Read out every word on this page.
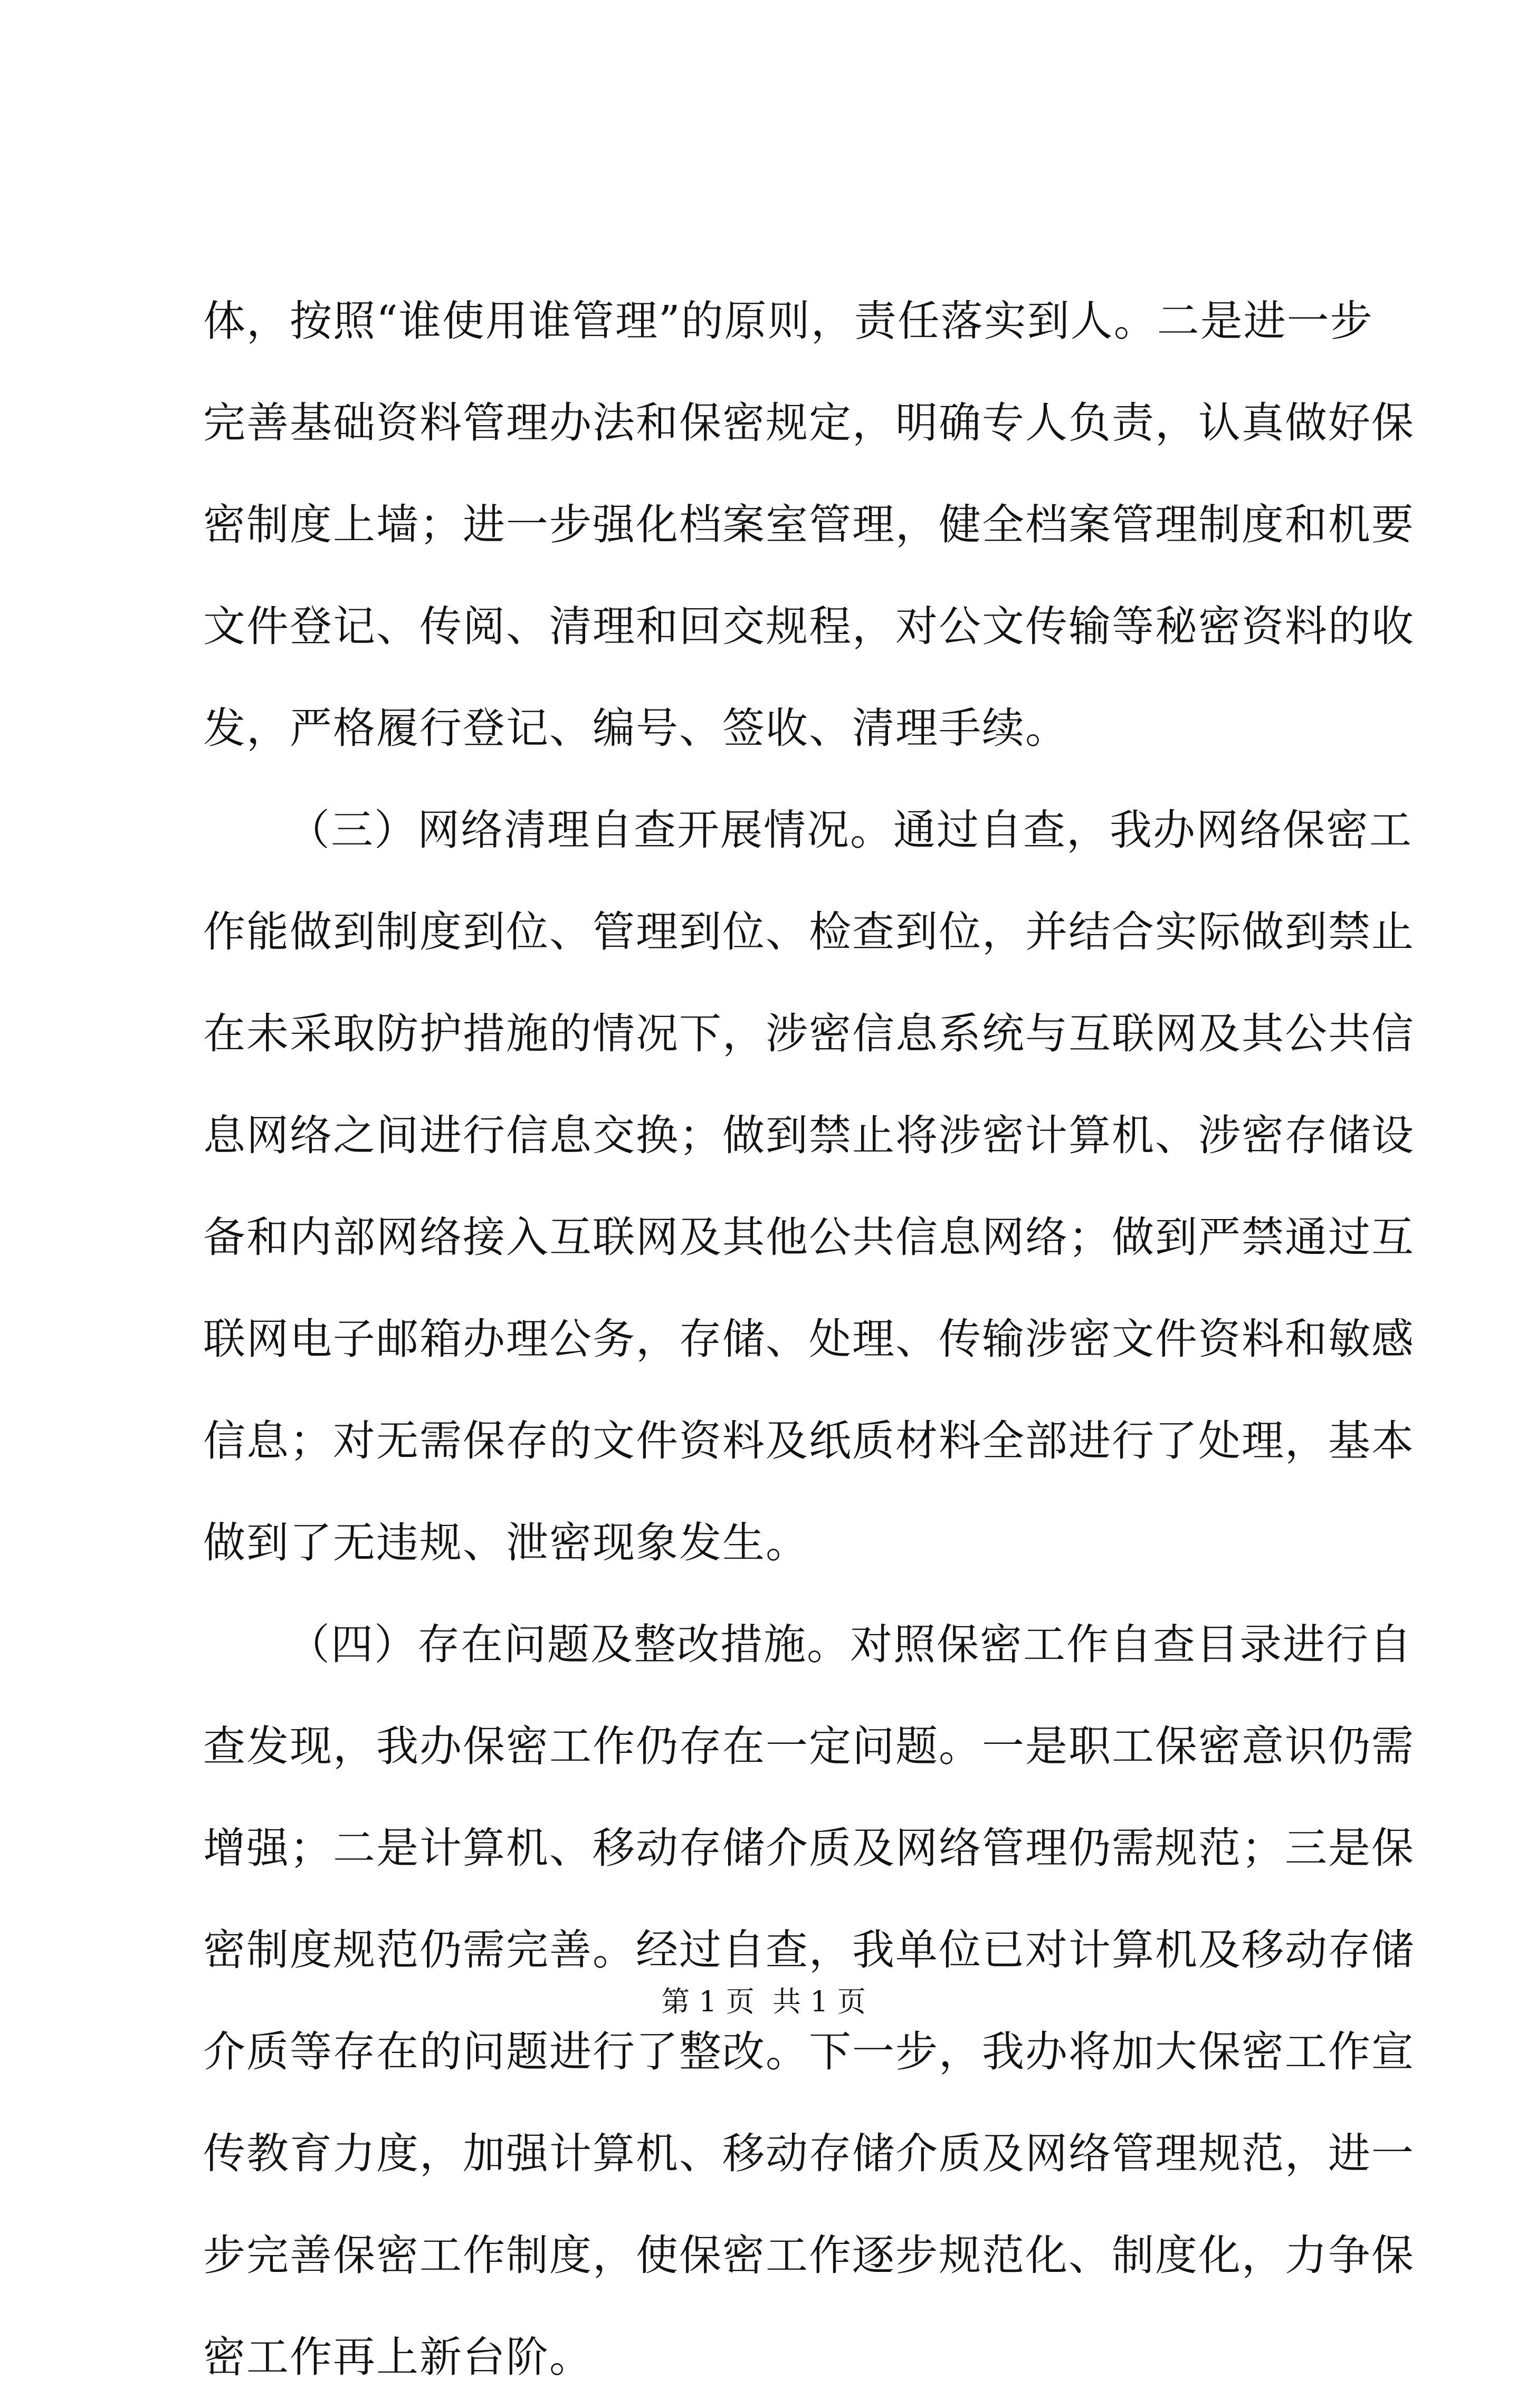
体，按照“谁使用谁管理”的原则，责任落实到人。二是进一步
完善基础资料管理办法和保密规定，明确专人负责，认真做好保
密制度上墙；进一步强化档案室管理，健全档案管理制度和机要
文件登记、传阅、清理和回交规程，对公文传输等秘密资料的收
发，严格履行登记、编号、签收、清理手续。
（三）网络清理自查开展情况。通过自查，我办网络保密工
作能做到制度到位、管理到位、检查到位，并结合实际做到禁止
在未采取防护措施的情况下，涉密信息系统与互联网及其公共信
息网络之间进行信息交换；做到禁止将涉密计算机、涉密存储设
备和内部网络接入互联网及其他公共信息网络；做到严禁通过互
联网电子邮箱办理公务，存储、处理、传输涉密文件资料和敏感
信息；对无需保存的文件资料及纸质材料全部进行了处理，基本
做到了无违规、泄密现象发生。
（四）存在问题及整改措施。对照保密工作自查目录进行自
查发现，我办保密工作仍存在一定问题。一是职工保密意识仍需
增强；二是计算机、移动存储介质及网络管理仍需规范；三是保
密制度规范仍需完善。经过自查，我单位已对计算机及移动存储
介质等存在的问题进行了整改。下一步，我办将加大保密工作宣
传教育力度，加强计算机、移动存储介质及网络管理规范，进一
步完善保密工作制度，使保密工作逐步规范化、制度化，力争保
密工作再上新台阶。
第 1 页  共 1 页
